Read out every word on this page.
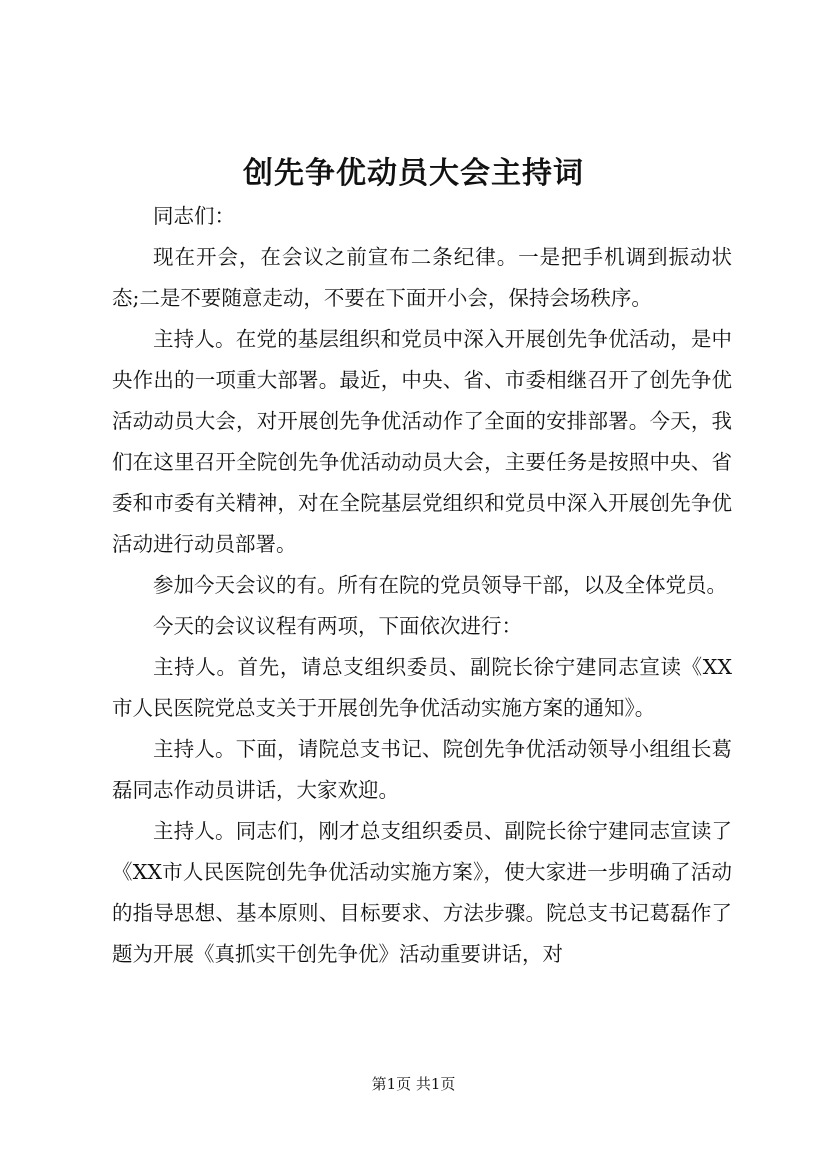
创先争优动员大会主持词

同志们：

现在开会，在会议之前宣布二条纪律。一是把手机调到振动状态;二是不要随意走动，不要在下面开小会，保持会场秩序。

主持人。在党的基层组织和党员中深入开展创先争优活动，是中央作出的一项重大部署。最近，中央、省、市委相继召开了创先争优活动动员大会，对开展创先争优活动作了全面的安排部署。今天，我们在这里召开全院创先争优活动动员大会，主要任务是按照中央、省委和市委有关精神，对在全院基层党组织和党员中深入开展创先争优活动进行动员部署。

参加今天会议的有。所有在院的党员领导干部，以及全体党员。

今天的会议议程有两项，下面依次进行：

主持人。首先，请总支组织委员、副院长徐宁建同志宣读《XX市人民医院党总支关于开展创先争优活动实施方案的通知》。

主持人。下面，请院总支书记、院创先争优活动领导小组组长葛磊同志作动员讲话，大家欢迎。

主持人。同志们，刚才总支组织委员、副院长徐宁建同志宣读了《XX市人民医院创先争优活动实施方案》，使大家进一步明确了活动的指导思想、基本原则、目标要求、方法步骤。院总支书记葛磊作了题为开展《真抓实干创先争优》活动重要讲话，对

第1页 共1页
